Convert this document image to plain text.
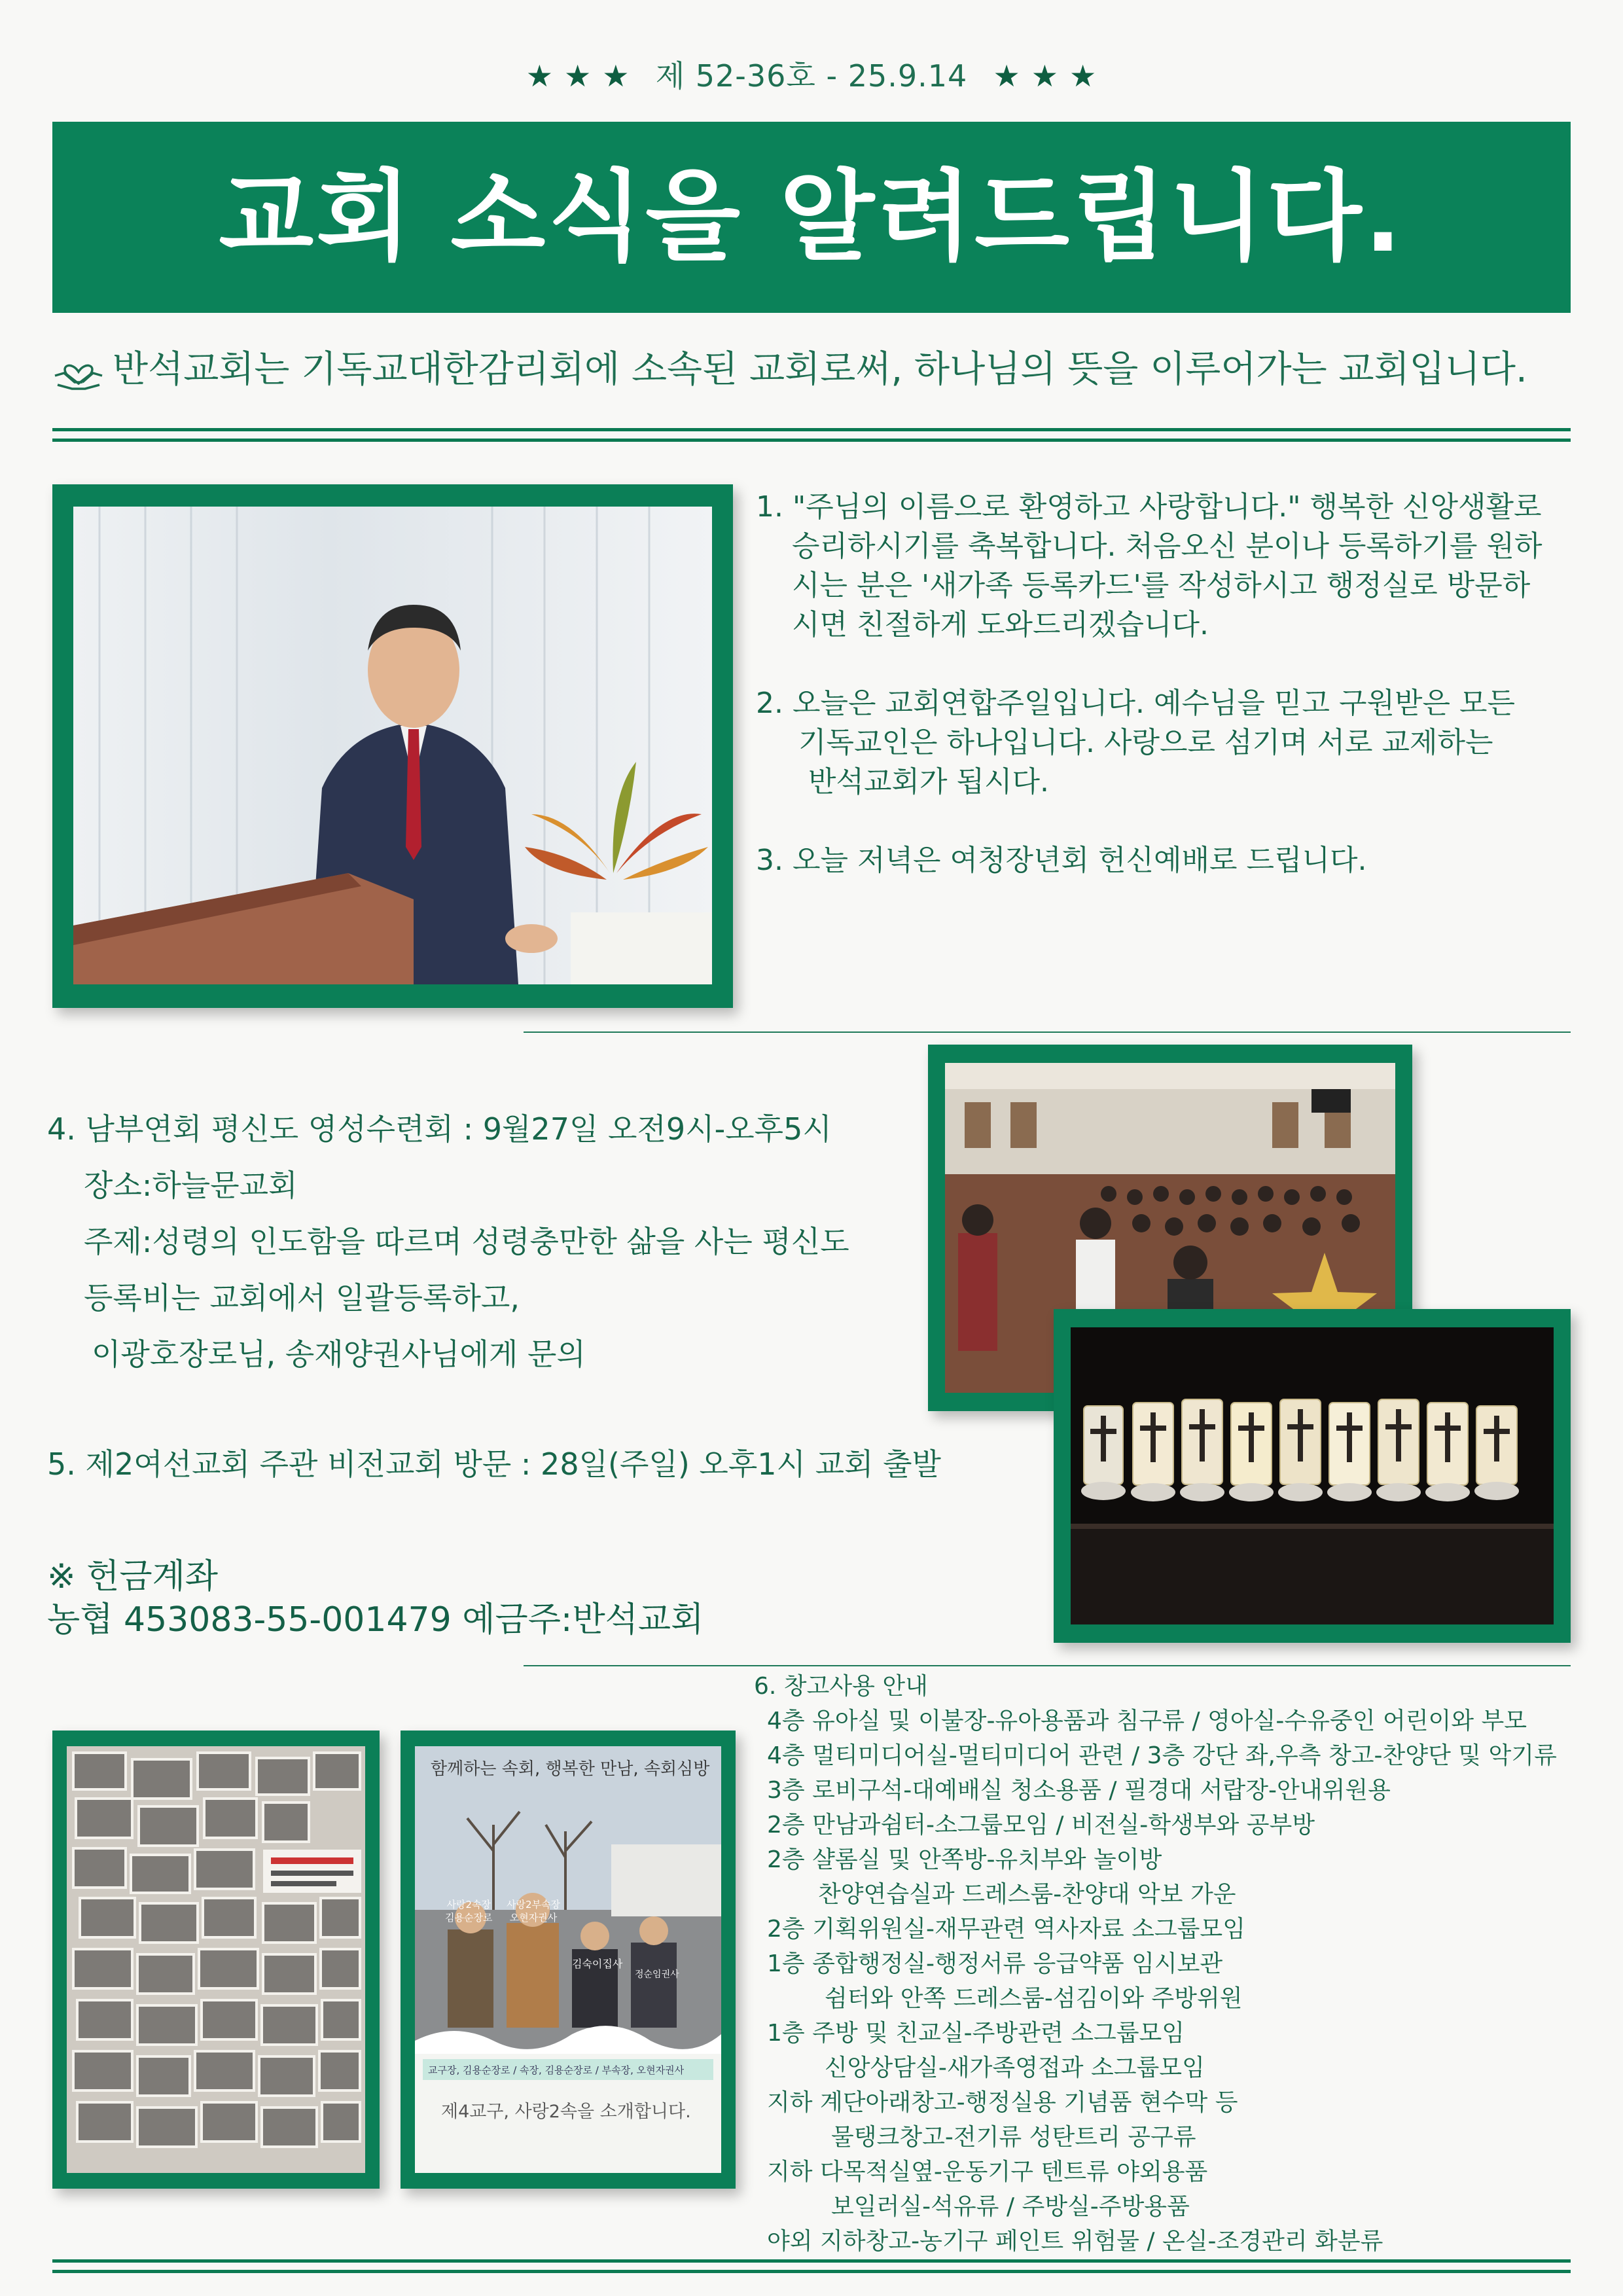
★ ★ ★ 제 52-36호 - 25.9.14 ★ ★ ★
교회 소식을 알려드립니다.
반석교회는 기독교대한감리회에 소속된 교회로써, 하나님의 뜻을 이루어가는 교회입니다.
1. "주님의 이름으로 환영하고 사랑합니다." 행복한 신앙생활로
승리하시기를 축복합니다. 처음오신 분이나 등록하기를 원하
시는 분은 '새가족 등록카드'를 작성하시고 행정실로 방문하
시면 친절하게 도와드리겠습니다.
2. 오늘은 교회연합주일입니다. 예수님을 믿고 구원받은 모든
기독교인은 하나입니다. 사랑으로 섬기며 서로 교제하는
반석교회가 됩시다.
3. 오늘 저녁은 여청장년회 헌신예배로 드립니다.
4. 남부연회 평신도 영성수련회 : 9월27일 오전9시-오후5시
장소:하늘문교회
주제:성령의 인도함을 따르며 성령충만한 삶을 사는 평신도
등록비는 교회에서 일괄등록하고,
이광호장로님, 송재양권사님에게 문의
5. 제2여선교회 주관 비전교회 방문 : 28일(주일) 오후1시 교회 출발
※ 헌금계좌
농협 453083-55-001479 예금주:반석교회
함께하는 속회, 행복한 만남, 속회심방
사랑2속장
김용순장로
사랑2부속장
오현자권사
김숙이집사
정순임권사
교구장, 김용순장로 / 속장, 김용순장로 / 부속장, 오현자권사
제4교구, 사랑2속을 소개합니다.
6. 창고사용 안내
4층 유아실 및 이불장-유아용품과 침구류 / 영아실-수유중인 어린이와 부모
4층 멀티미디어실-멀티미디어 관련 / 3층 강단 좌,우측 창고-찬양단 및 악기류
3층 로비구석-대예배실 청소용품 / 필경대 서랍장-안내위원용
2층 만남과쉼터-소그룹모임 / 비전실-학생부와 공부방
2층 샬롬실 및 안쪽방-유치부와 놀이방
찬양연습실과 드레스룸-찬양대 악보 가운
2층 기획위원실-재무관련 역사자료 소그룹모임
1층 종합행정실-행정서류 응급약품 임시보관
쉼터와 안쪽 드레스룸-섬김이와 주방위원
1층 주방 및 친교실-주방관련 소그룹모임
신앙상담실-새가족영접과 소그룹모임
지하 계단아래창고-행정실용 기념품 현수막 등
물탱크창고-전기류 성탄트리 공구류
지하 다목적실옆-운동기구 텐트류 야외용품
보일러실-석유류 / 주방실-주방용품
야외 지하창고-농기구 페인트 위험물 / 온실-조경관리 화분류
